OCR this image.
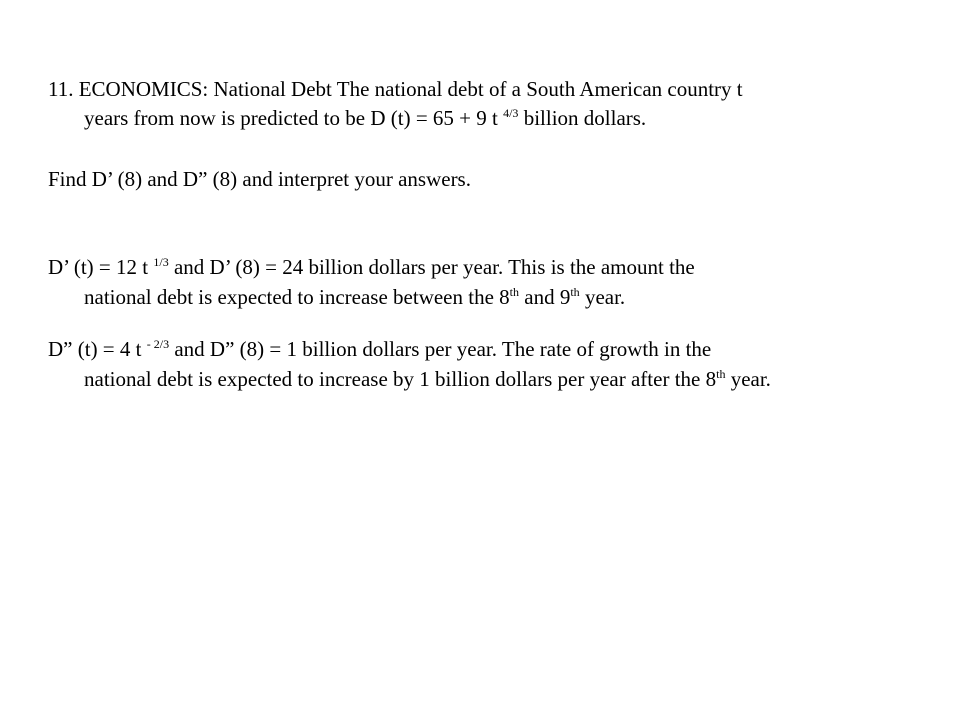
11. ECONOMICS: National Debt The national debt of a South American country t
years from now is predicted to be D (t) = 65 + 9 t $^{4/3}$ billion dollars.
Find D’ (8) and D” (8) and interpret your answers.
D’ (t) = 12 t $^{1/3}$ and D’ (8) = 24 billion dollars per year. This is the amount the
national debt is expected to increase between the 8th and 9th year.
D” (t) = 4 t $^{- 2/3}$ and D” (8) = 1 billion dollars per year. The rate of growth in the
national debt is expected to increase by 1 billion dollars per year after the 8th year.
